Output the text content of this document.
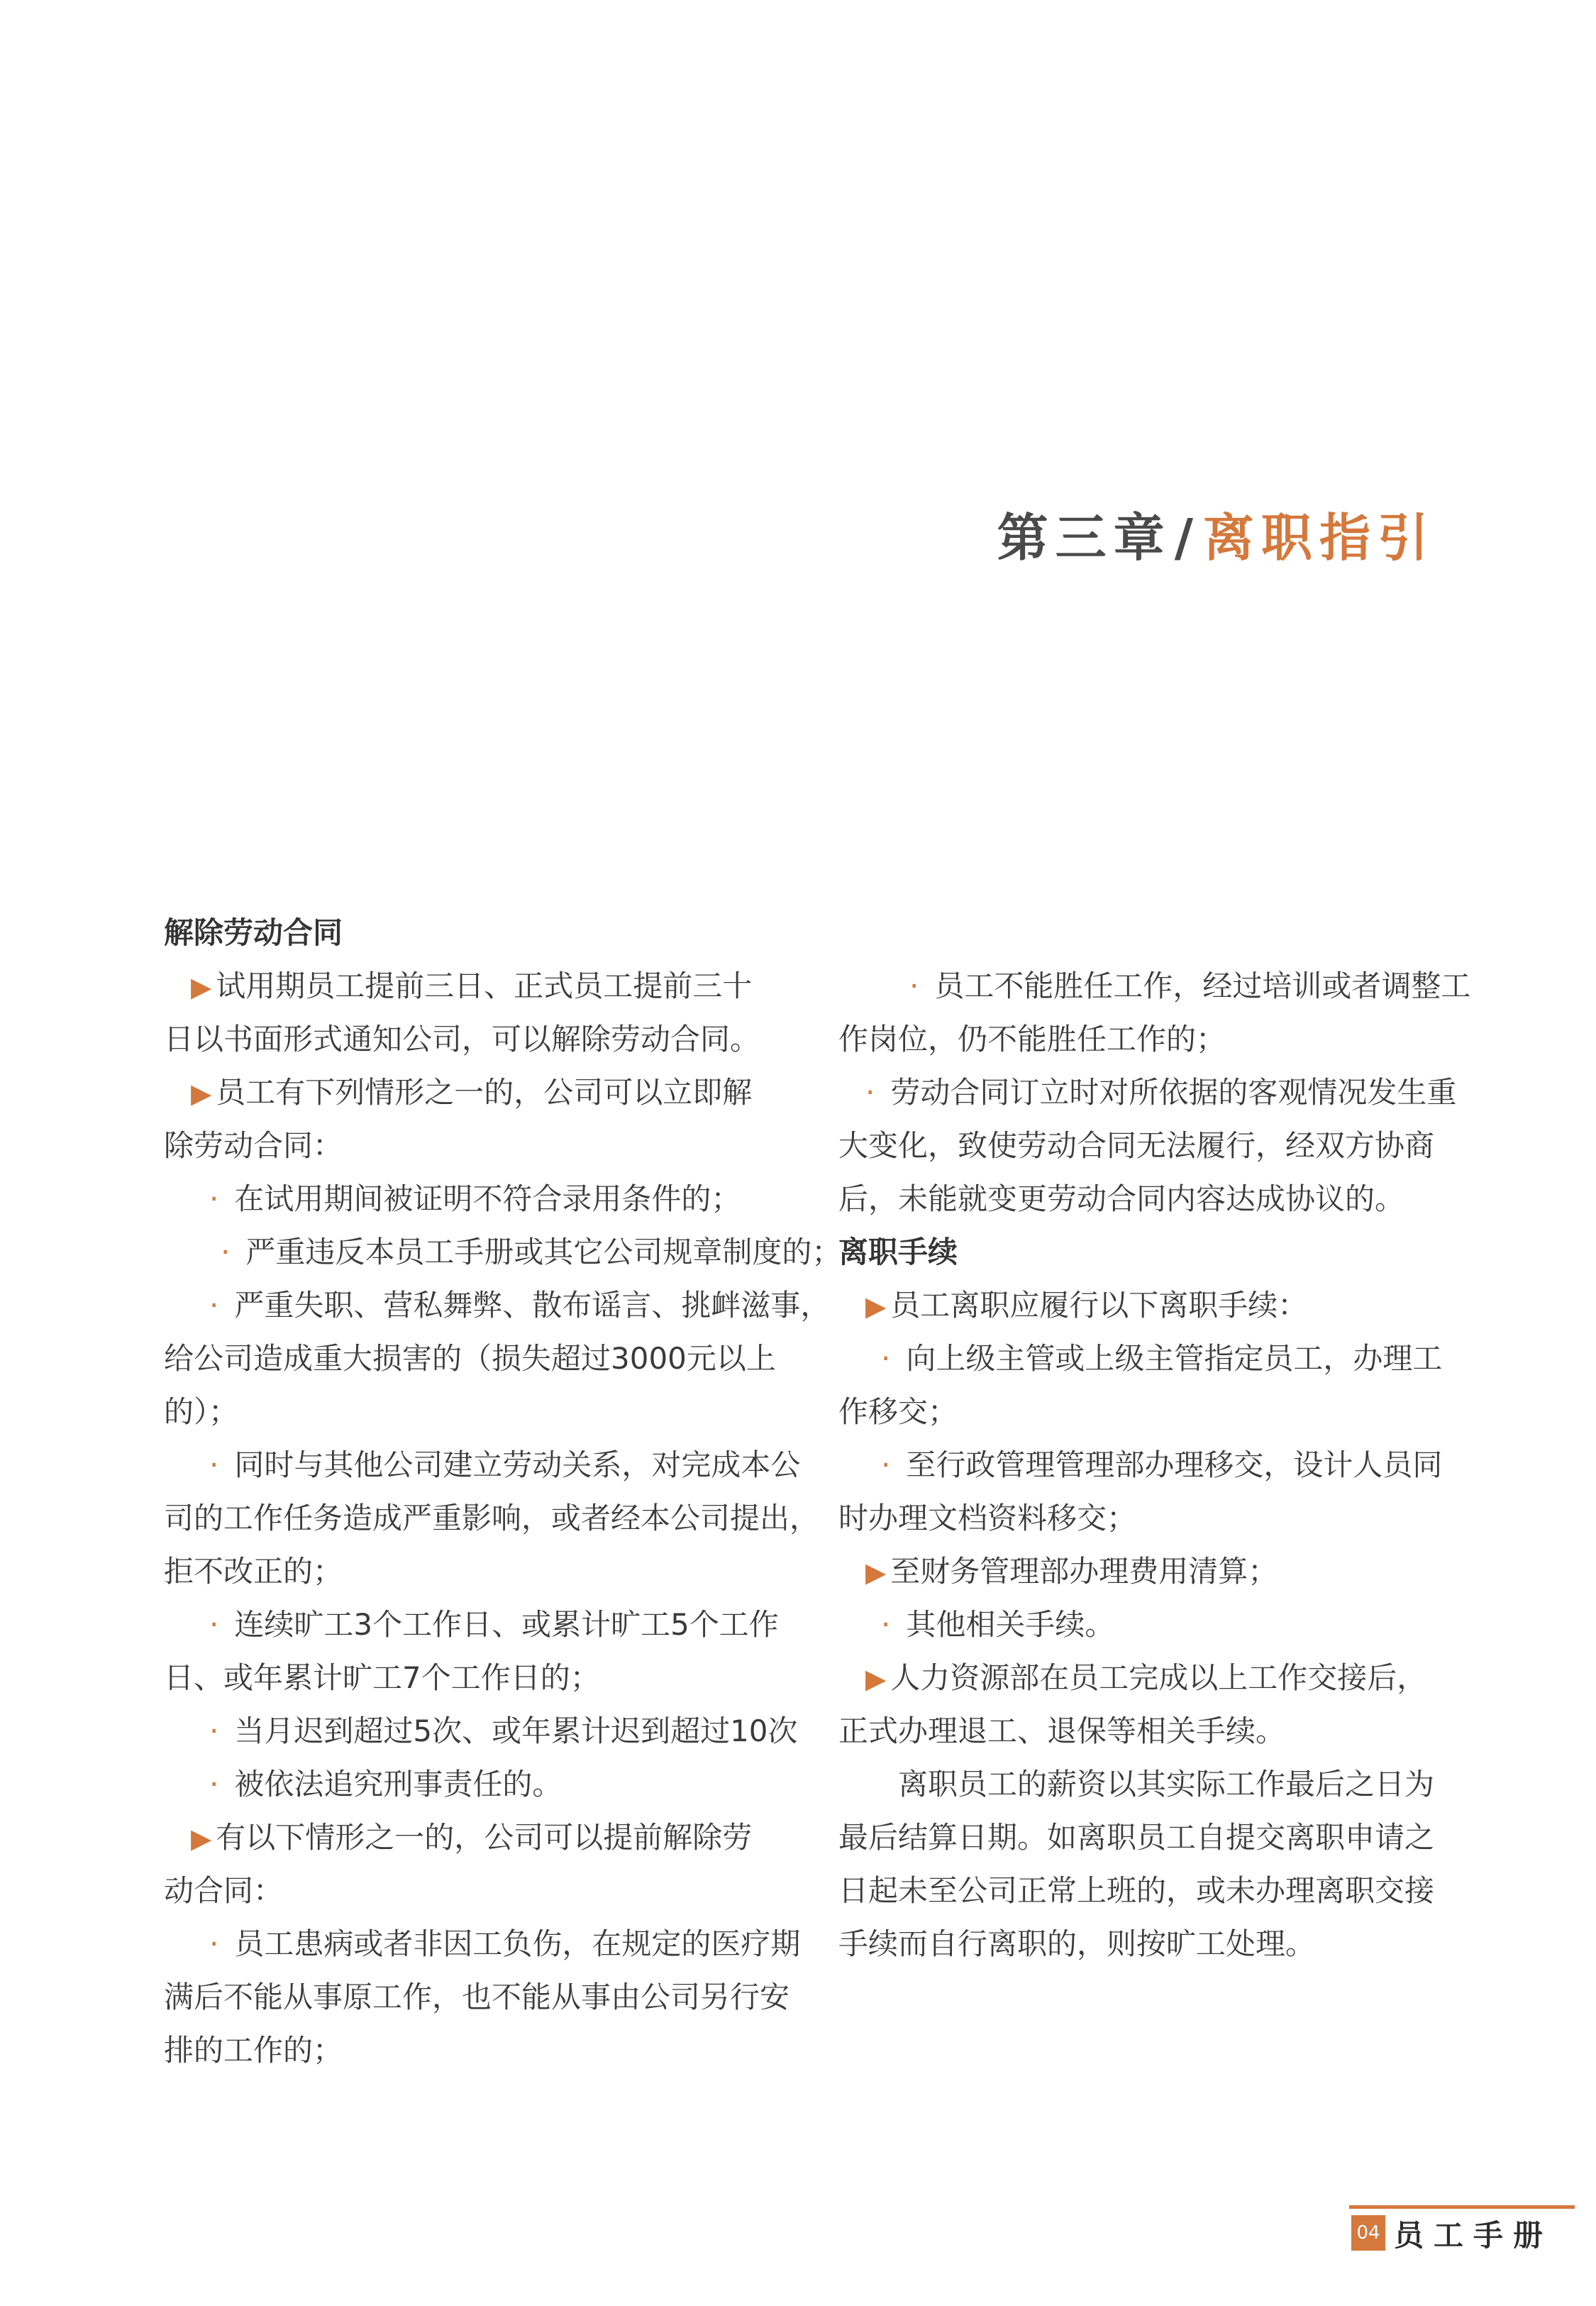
第三章/离职指引
解除劳动合同
▶ 试用期员工提前三日、正式员工提前三十
日以书面形式通知公司，可以解除劳动合同。
▶ 员工有下列情形之一的，公司可以立即解
除劳动合同：
· 在试用期间被证明不符合录用条件的；
· 严重违反本员工手册或其它公司规章制度的；
· 严重失职、营私舞弊、散布谣言、挑衅滋事，
给公司造成重大损害的（损失超过3000元以上
的）；
· 同时与其他公司建立劳动关系，对完成本公
司的工作任务造成严重影响，或者经本公司提出，
拒不改正的；
· 连续旷工3个工作日、或累计旷工5个工作
日、或年累计旷工7个工作日的；
· 当月迟到超过5次、或年累计迟到超过10次
· 被依法追究刑事责任的。
▶ 有以下情形之一的，公司可以提前解除劳
动合同：
· 员工患病或者非因工负伤，在规定的医疗期
满后不能从事原工作，也不能从事由公司另行安
排的工作的；
· 员工不能胜任工作，经过培训或者调整工
作岗位，仍不能胜任工作的；
· 劳动合同订立时对所依据的客观情况发生重
大变化，致使劳动合同无法履行，经双方协商
后，未能就变更劳动合同内容达成协议的。
离职手续
▶ 员工离职应履行以下离职手续：
· 向上级主管或上级主管指定员工，办理工
作移交；
· 至行政管理管理部办理移交，设计人员同
时办理文档资料移交；
▶ 至财务管理部办理费用清算；
· 其他相关手续。
▶ 人力资源部在员工完成以上工作交接后，
正式办理退工、退保等相关手续。
离职员工的薪资以其实际工作最后之日为
最后结算日期。如离职员工自提交离职申请之
日起未至公司正常上班的，或未办理离职交接
手续而自行离职的，则按旷工处理。
04 员工手册
